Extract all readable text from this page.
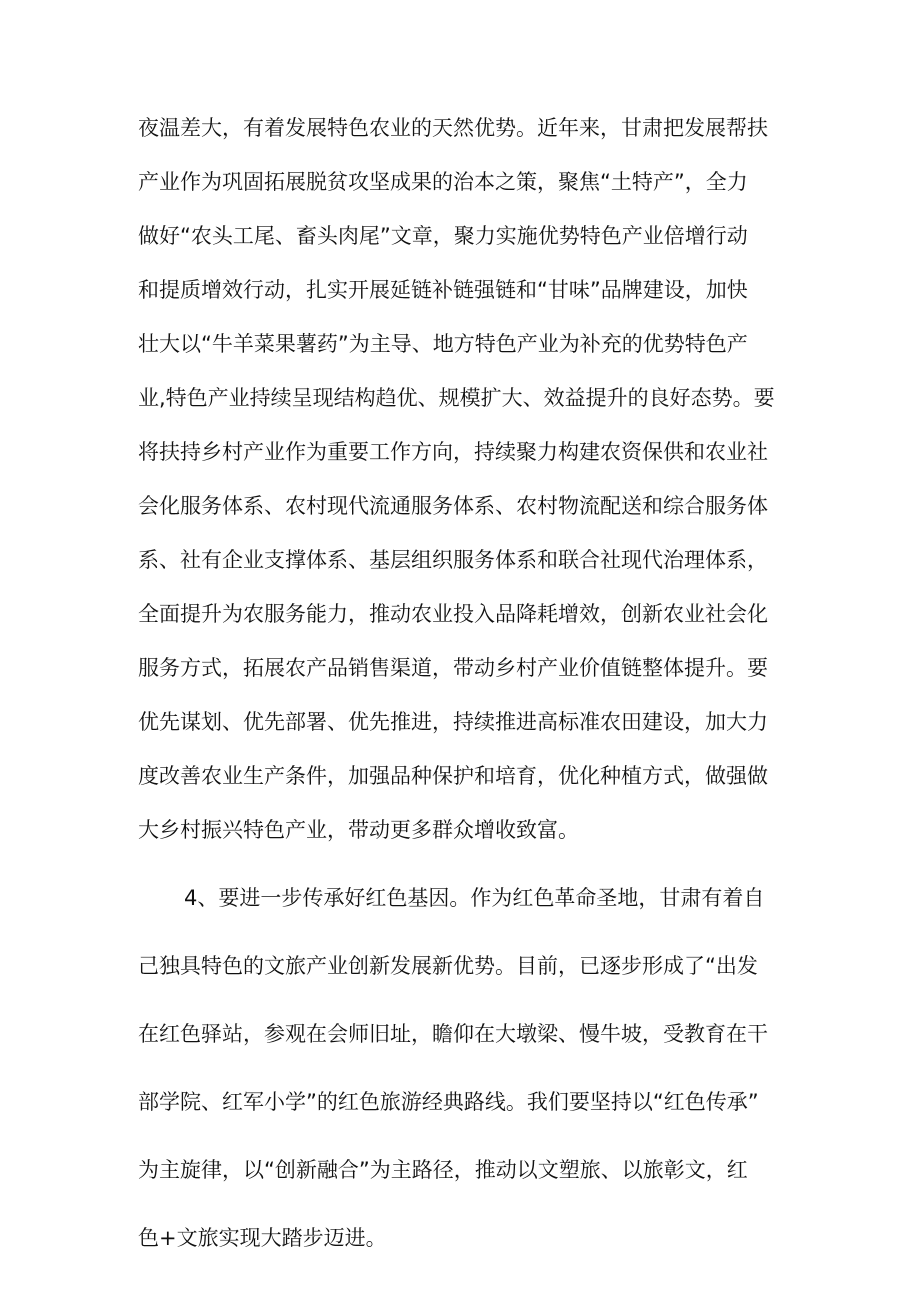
夜温差大，有着发展特色农业的天然优势。近年来，甘肃把发展帮扶
产业作为巩固拓展脱贫攻坚成果的治本之策，聚焦“土特产”，全力
做好“农头工尾、畜头肉尾”文章，聚力实施优势特色产业倍增行动
和提质增效行动，扎实开展延链补链强链和“甘味”品牌建设，加快
壮大以“牛羊菜果薯药”为主导、地方特色产业为补充的优势特色产
业,特色产业持续呈现结构趋优、规模扩大、效益提升的良好态势。要
将扶持乡村产业作为重要工作方向，持续聚力构建农资保供和农业社
会化服务体系、农村现代流通服务体系、农村物流配送和综合服务体
系、社有企业支撑体系、基层组织服务体系和联合社现代治理体系，
全面提升为农服务能力，推动农业投入品降耗增效，创新农业社会化
服务方式，拓展农产品销售渠道，带动乡村产业价值链整体提升。要
优先谋划、优先部署、优先推进，持续推进高标准农田建设，加大力
度改善农业生产条件，加强品种保护和培育，优化种植方式，做强做
大乡村振兴特色产业，带动更多群众增收致富。
4、要进一步传承好红色基因。作为红色革命圣地，甘肃有着自
己独具特色的文旅产业创新发展新优势。目前，已逐步形成了“出发
在红色驿站，参观在会师旧址，瞻仰在大墩梁、慢牛坡，受教育在干
部学院、红军小学”的红色旅游经典路线。我们要坚持以“红色传承”
为主旋律，以“创新融合”为主路径，推动以文塑旅、以旅彰文，红
色+文旅实现大踏步迈进。
